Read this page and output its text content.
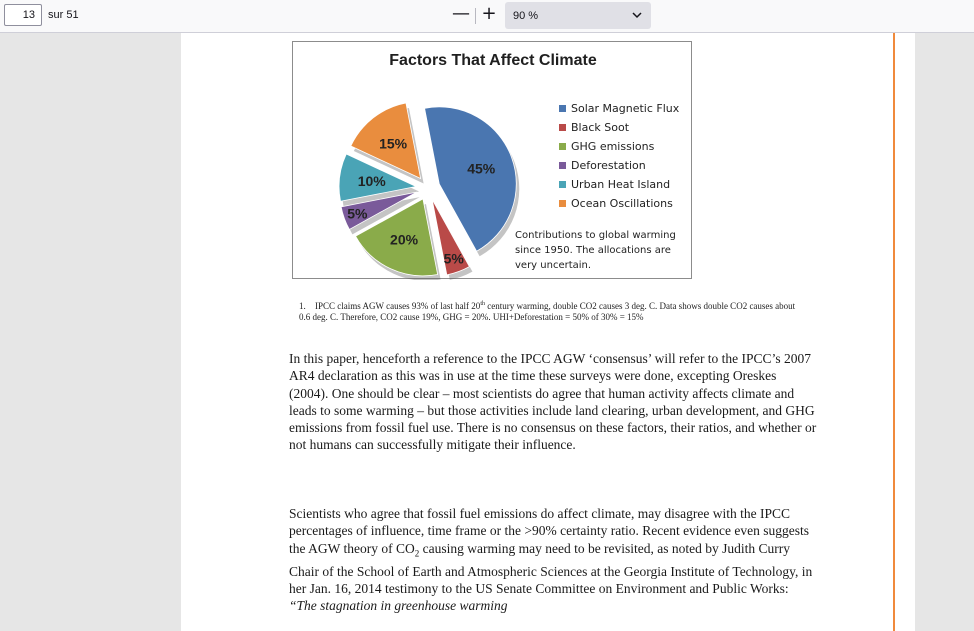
13	sur 51	— +	90 %
Factors That Affect Climate
45%
5%
20%
5%
10%
15%
Solar Magnetic Flux
Black Soot
GHG emissions
Deforestation
Urban Heat Island
Ocean Oscillations
Contributions to global warming since 1950. The allocations are very uncertain.
1. IPCC claims AGW causes 93% of last half 20th century warming, double CO2 causes 3 deg. C. Data shows double CO2 causes about 0.6 deg. C. Therefore, CO2 cause 19%, GHG = 20%. UHI+Deforestation = 50% of 30% = 15%
In this paper, henceforth a reference to the IPCC AGW ‘consensus’ will refer to the IPCC’s 2007 AR4 declaration as this was in use at the time these surveys were done, excepting Oreskes (2004). One should be clear – most scientists do agree that human activity affects climate and leads to some warming – but those activities include land clearing, urban development, and GHG emissions from fossil fuel use. There is no consensus on these factors, their ratios, and whether or not humans can successfully mitigate their influence.
Scientists who agree that fossil fuel emissions do affect climate, may disagree with the IPCC percentages of influence, time frame or the >90% certainty ratio. Recent evidence even suggests the AGW theory of $CO_2$ causing warming may need to be revisited, as noted by Judith Curry Chair of the School of Earth and Atmospheric Sciences at the Georgia Institute of Technology, in her Jan. 16, 2014 testimony to the US Senate Committee on Environment and Public Works: “The stagnation in greenhouse warming
